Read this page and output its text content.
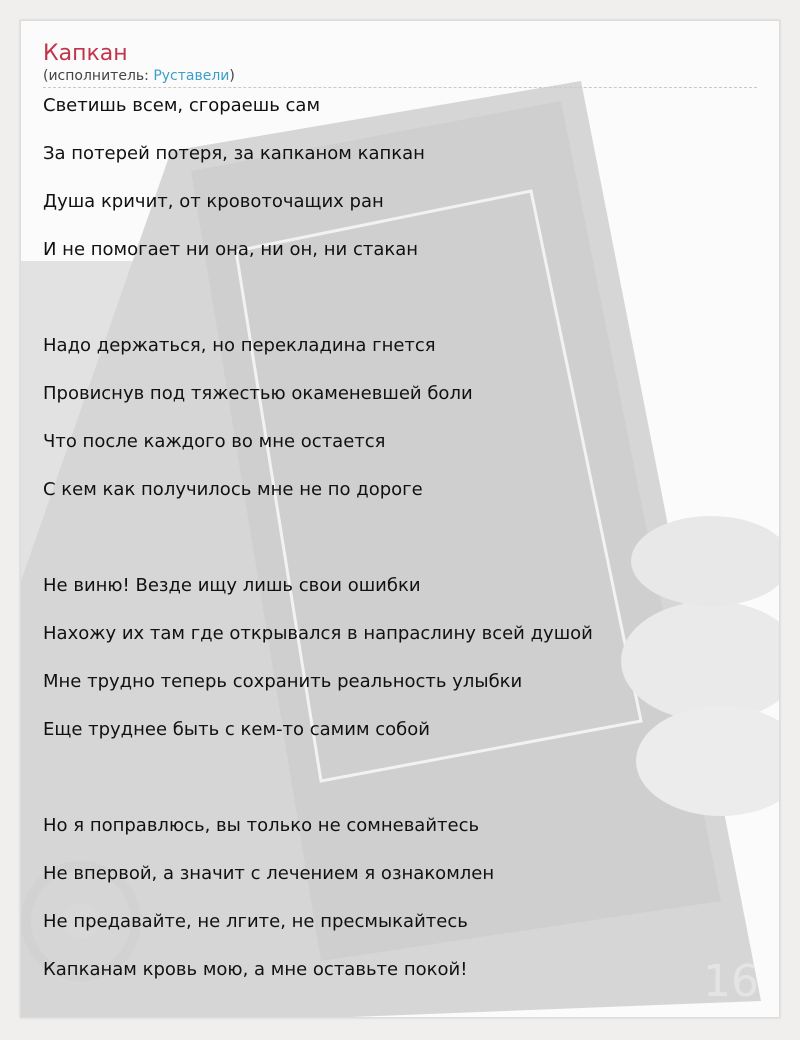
16
Капкан

(исполнитель: Руставели)

Светишь всем, сгораешь сам
За потерей потеря, за капканом капкан
Душа кричит, от кровоточащих ран
И не помогает ни она, ни он, ни стакан
Надо держаться, но перекладина гнется
Провиснув под тяжестью окаменевшей боли
Что после каждого во мне остается
С кем как получилось мне не по дороге
Не виню! Везде ищу лишь свои ошибки
Нахожу их там где открывался в напраслину всей душой
Мне трудно теперь сохранить реальность улыбки
Еще труднее быть с кем-то самим собой
Но я поправлюсь, вы только не сомневайтесь
Не впервой, а значит с лечением я ознакомлен
Не предавайте, не лгите, не пресмыкайтесь
Капканам кровь мою, а мне оставьте покой!
